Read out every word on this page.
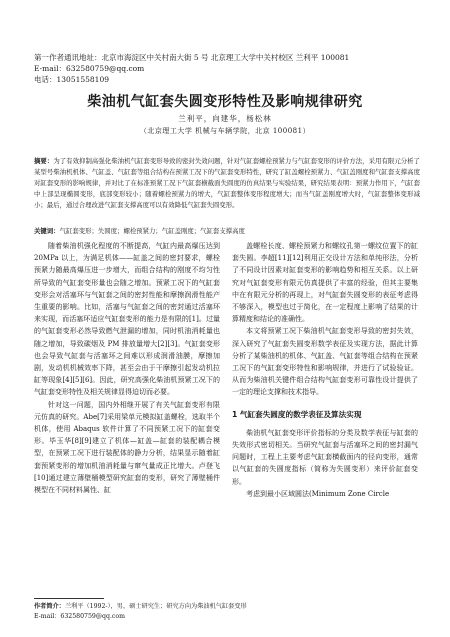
第一作者通讯地址：北京市海淀区中关村南大街 5 号 北京理工大学中关村校区 兰利平 100081
E-mail：632580759@qq.com
电话：13051558109
柴油机气缸套失圆变形特性及影响规律研究
兰利平，向建华，杨松林
（北京理工大学 机械与车辆学院，北京 100081）
摘要：为了有效抑制高强化柴油机气缸套变形导致的密封失效问题，针对气缸套螺栓预紧力与气缸套变形的评价方法，采用有限元分析了某型号柴油机机体、气缸盖、气缸套等组合结构在预紧工况下的气缸套变形特性，研究了缸盖螺栓预紧力、气缸盖刚度和气缸套支撑高度对缸套变形的影响规律，并对比了在标准预紧工况下气缸套横截面失圆度的仿真结果与实验结果，研究结果表明：预紧力作用下，气缸套中上部呈现椭圆变形，底部变形较小；随着螺栓预紧力的增大，气缸套整体变形程度增大；而当气缸盖刚度增大时，气缸套整体变形减小；最后，通过合理改进气缸套支撑高度可以有效降低气缸套失圆变形。
关键词：气缸套变形；失圆度；螺栓预紧力；气缸盖刚度；气缸套支撑高度

随着柴油机强化程度的不断提高，气缸内最高爆压达到 20MPa 以上，为满足机体——缸盖之间的密封要求，螺栓预紧力随最高爆压进一步增大，而组合结构的刚度不均匀性所导致的气缸套变形量也会随之增加。预紧工况下的气缸套变形会对活塞环与气缸套之间的密封性能和摩擦润滑性能产生重要的影响。比如，活塞与气缸套之间的密封通过活塞环来实现，而活塞环适应气缸套变形的能力是有限的[1]。过量的气缸套变形必然导致燃气泄漏的增加，同时机油消耗量也随之增加，导致碳烟及 PM 排放量增大[2][3]。气缸套变形也会导致气缸套与活塞环之间难以形成润滑油膜，摩擦加剧，发动机机械效率下降，甚至会由于干摩擦引起发动机拉缸等现象[4][5][6]。因此，研究高强化柴油机预紧工况下的气缸套变形特性及相关规律显得迫切而必要。

针对这一问题，国内外相继开展了有关气缸套变形有限元仿真的研究。Abe[7]采用梁单元模拟缸盖螺栓，选取半个机体，使用 Abaqus 软件计算了不同预紧工况下的缸套变形。毕玉华[8][9]建立了机体—缸盖—缸套的装配耦合模型，在预紧工况下进行装配体的静力分析，结果显示随着缸套预紧变形的增加机油消耗量与窜气量成正比增大。卢登飞[10]通过建立薄壁桶模型研究缸套的变形，研究了薄壁桶件模型在不同材料属性、缸

盖螺栓长度、螺栓预紧力和螺纹孔第一螺纹位置下的缸套失圆。李超[11][12]利用正交设计方法和单纯形法，分析了不同设计因素对缸套变形的影响趋势和相互关系。以上研究对气缸套变形有限元仿真提供了丰富的经验，但其主要集中在有限元分析的再现上，对气缸套失圆变形的表征考虑得不够深入，模型也过于简化，在一定程度上影响了结果的计算精度和结论的准确性。

本文将预紧工况下柴油机气缸套变形导致的密封失效，深入研究了气缸套失圆变形数学表征及实现方法，据此计算分析了某柴油机的机体、气缸盖、气缸套等组合结构在预紧工况下的气缸套变形特性和影响规律，并进行了试验验证。从而为柴油机关键件组合结构气缸套变形可靠性设计提供了一定的理论支撑和技术指导。

1 气缸套失圆度的数学表征及算法实现

柴油机气缸套变形评价指标的分类及数学表征与缸套的失效形式密切相关。当研究气缸套与活塞环之间的密封漏气问题时，工程上主要考虑气缸套横截面内的径向变形，通常以气缸套的失圆度指标（简称为失圆变形）来评价缸套变形。

考虑到最小区域圆法(Minimum Zone Circle

作者简介：兰利平（1992-），男，硕士研究生；研究方向为柴油机气缸套变形
E-mail：632580759@qq.com
